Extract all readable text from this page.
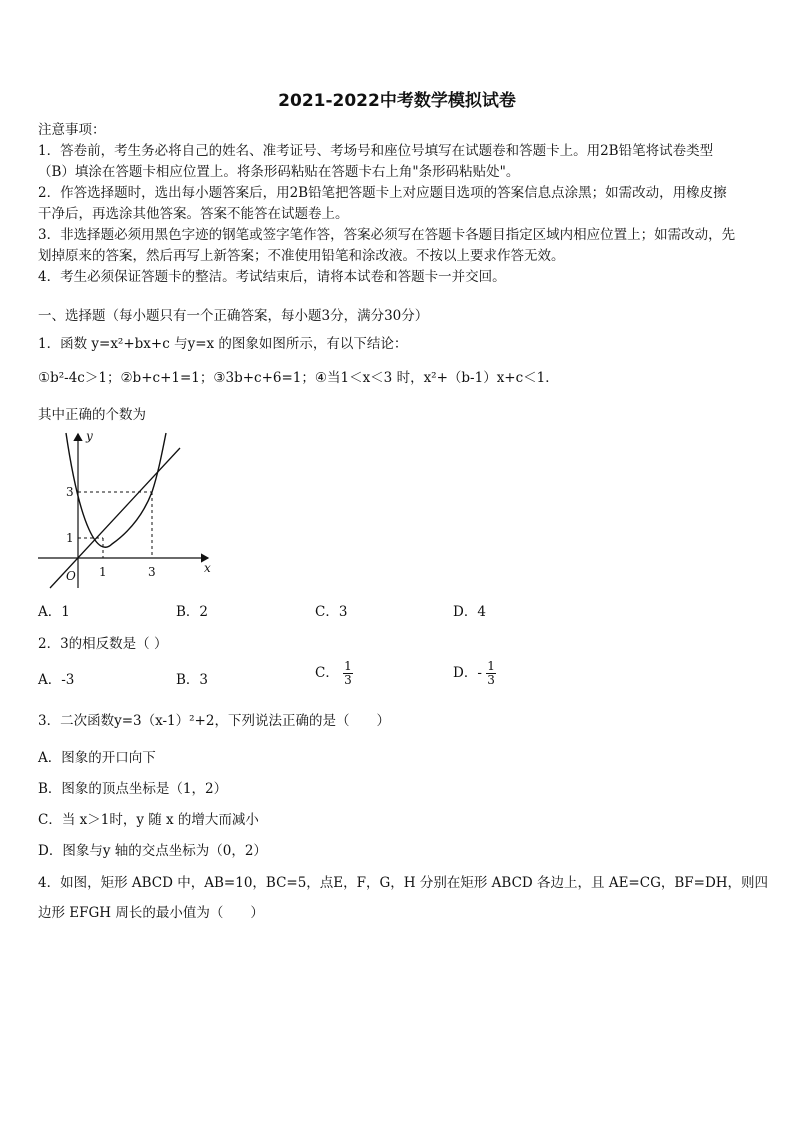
2021-2022中考数学模拟试卷
注意事项：
1．答卷前，考生务必将自己的姓名、准考证号、考场号和座位号填写在试题卷和答题卡上。用2B铅笔将试卷类型
（B）填涂在答题卡相应位置上。将条形码粘贴在答题卡右上角"条形码粘贴处"。
2．作答选择题时，选出每小题答案后，用2B铅笔把答题卡上对应题目选项的答案信息点涂黑；如需改动，用橡皮擦
干净后，再选涂其他答案。答案不能答在试题卷上。
3．非选择题必须用黑色字迹的钢笔或签字笔作答，答案必须写在答题卡各题目指定区域内相应位置上；如需改动，先
划掉原来的答案，然后再写上新答案；不准使用铅笔和涂改液。不按以上要求作答无效。
4．考生必须保证答题卡的整洁。考试结束后，请将本试卷和答题卡一并交回。
一、选择题（每小题只有一个正确答案，每小题3分，满分30分）
1．函数 y=x²+bx+c 与y=x 的图象如图所示，有以下结论：
①b²-4c＞1；②b+c+1=1；③3b+c+6=1；④当1＜x＜3 时，x²+（b-1）x+c＜1．
其中正确的个数为
y
x
O 1	3
1
3
A．1	B．2	C．3	D．4
2．3的相反数是（ ）
A．-3	B．3	C． $\frac{1}{3}$	D．- $\frac{1}{3}$
3．二次函数y=3（x-1）²+2，下列说法正确的是（　　）
A．图象的开口向下
B．图象的顶点坐标是（1，2）
C．当 x＞1时，y 随 x 的增大而减小
D．图象与y 轴的交点坐标为（0，2）
4．如图，矩形 ABCD 中，AB=10，BC=5，点E，F，G，H 分别在矩形 ABCD 各边上，且 AE=CG，BF=DH，则四
边形 EFGH 周长的最小值为（　　）
